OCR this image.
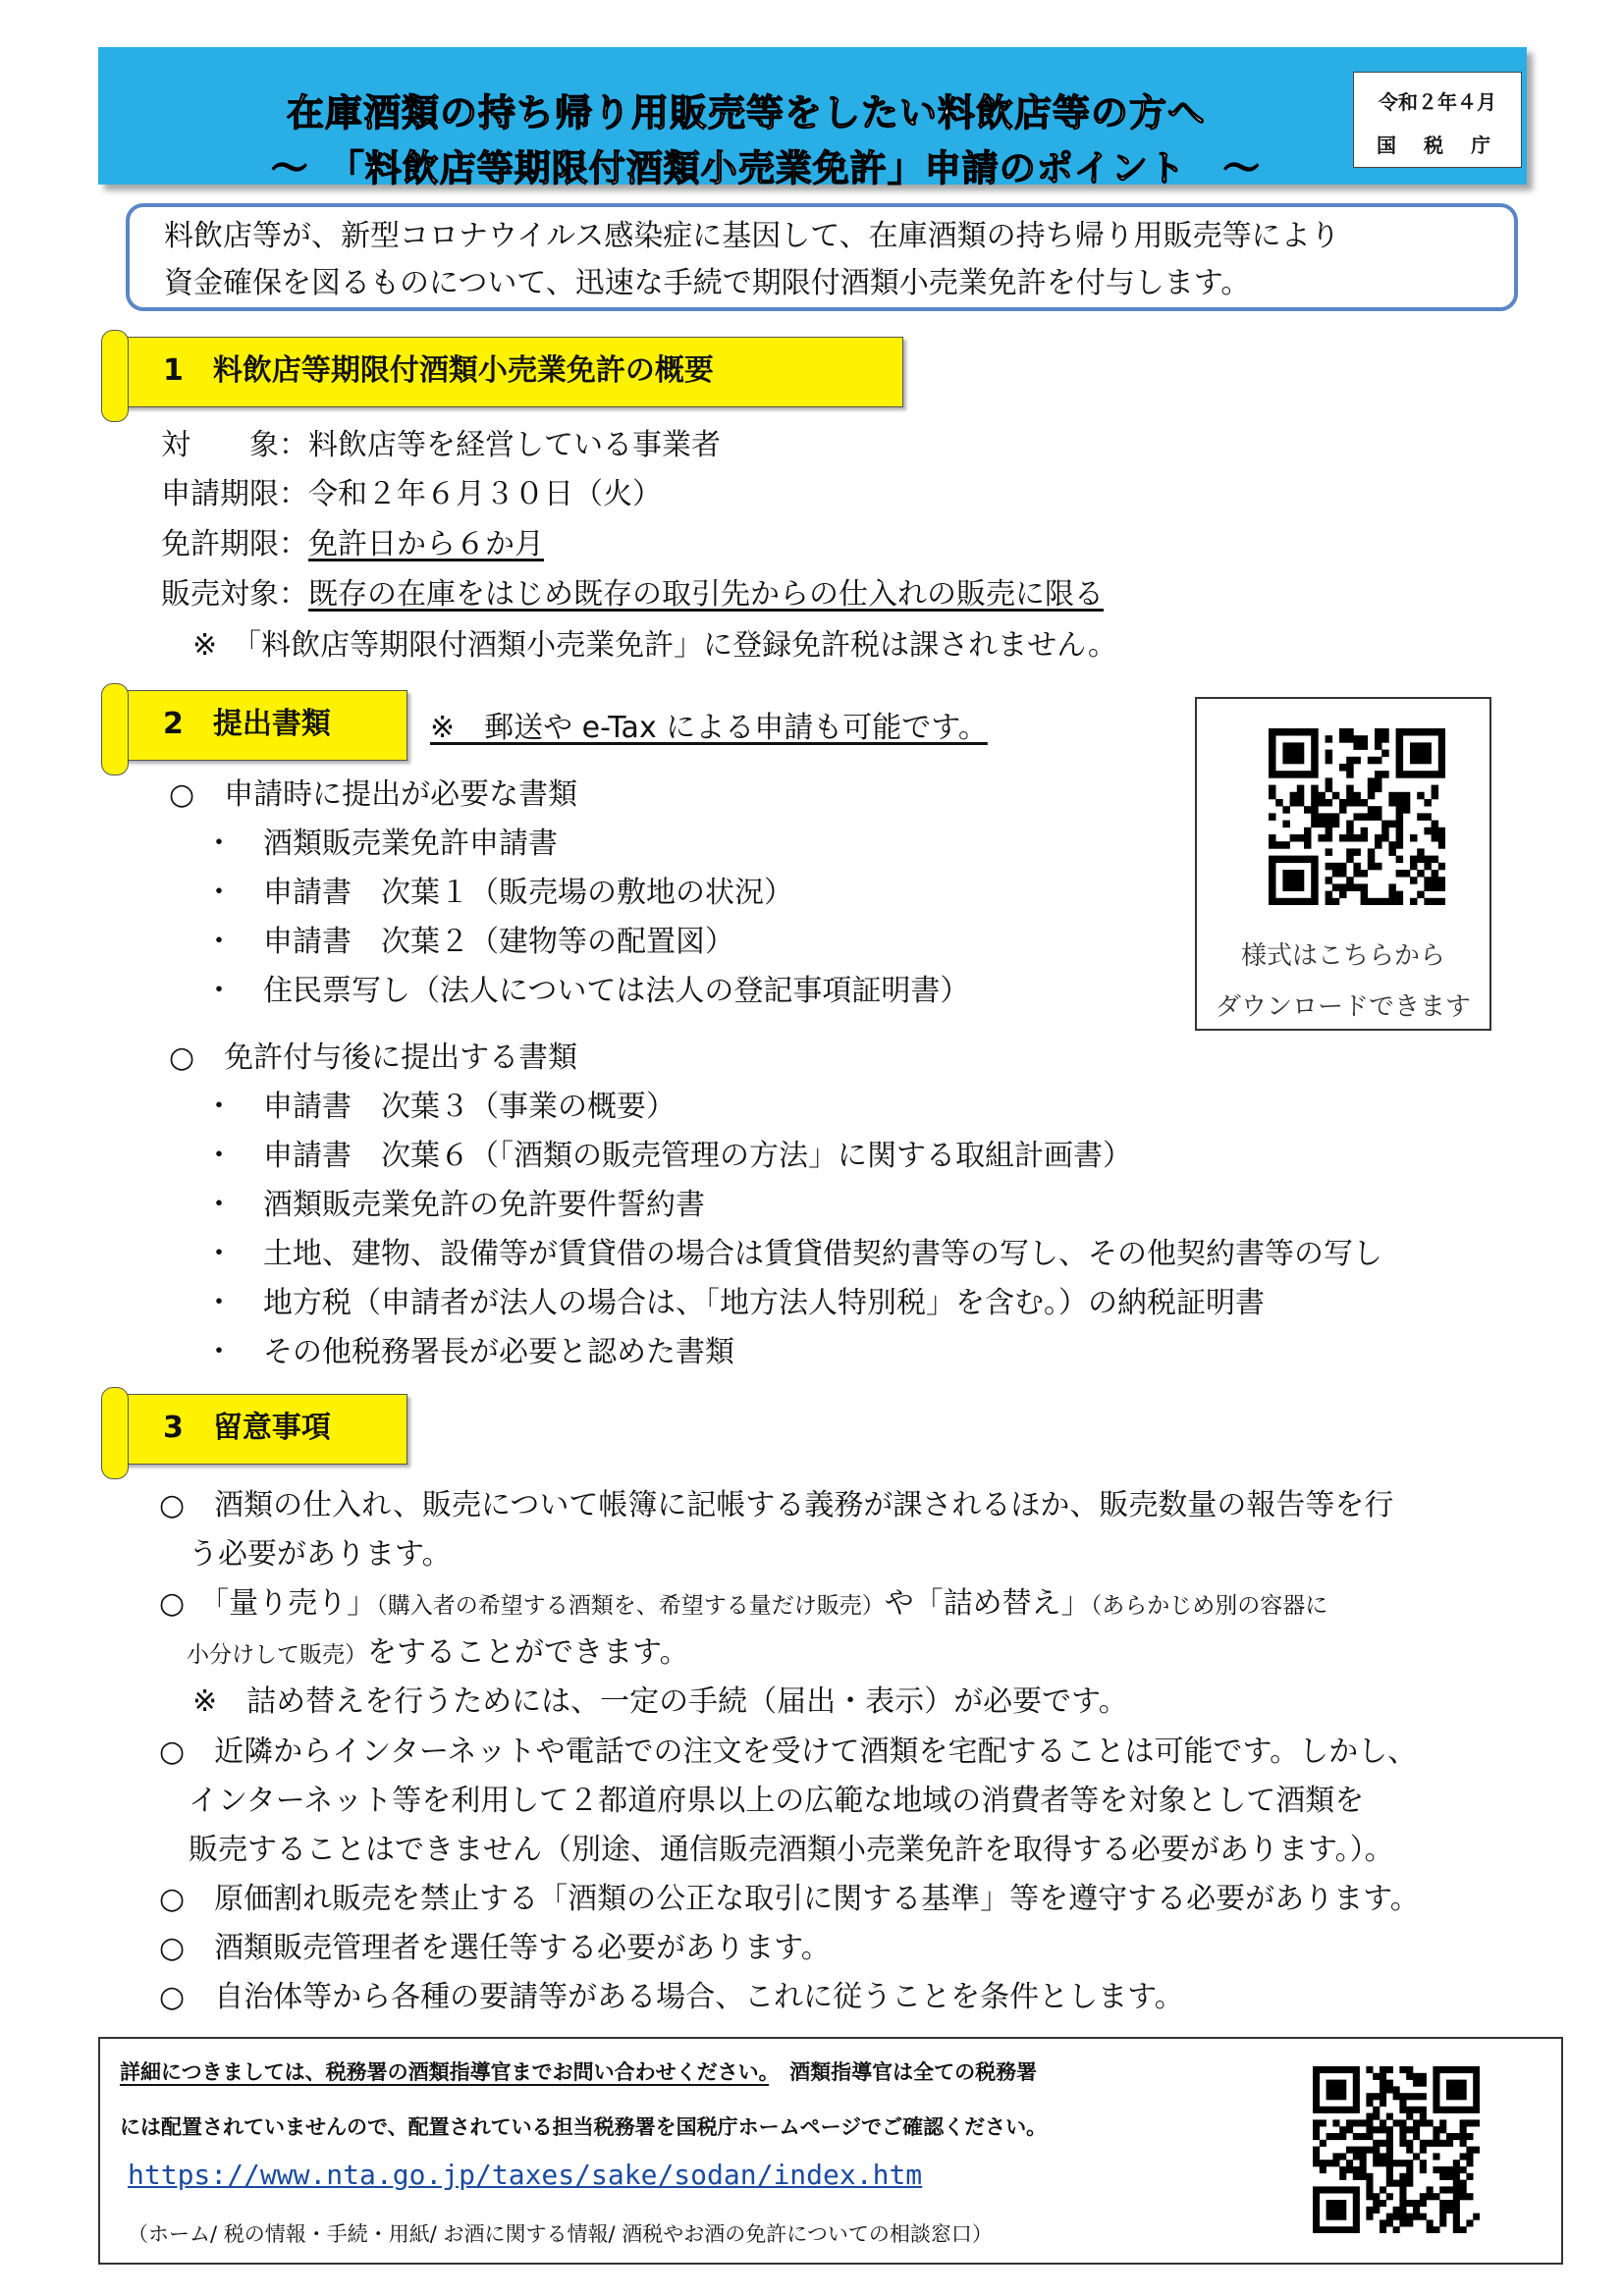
在庫酒類の持ち帰り用販売等をしたい料飲店等の方へ
～　「料飲店等期限付酒類小売業免許」申請のポイント　～
令和２年４月
国税庁
料飲店等が、新型コロナウイルス感染症に基因して、在庫酒類の持ち帰り用販売等により
資金確保を図るものについて、迅速な手続で期限付酒類小売業免許を付与します。
1　料飲店等期限付酒類小売業免許の概要
対　　象：料飲店等を経営している事業者
申請期限：令和２年６月３０日（火）
免許期限：免許日から６か月
販売対象：既存の在庫をはじめ既存の取引先からの仕入れの販売に限る
※　「料飲店等期限付酒類小売業免許」に登録免許税は課されません。
2　提出書類	※　郵送や e-Tax による申請も可能です。
○　申請時に提出が必要な書類
・　酒類販売業免許申請書
・　申請書　次葉１（販売場の敷地の状況）
・　申請書　次葉２（建物等の配置図）
・　住民票写し（法人については法人の登記事項証明書）
○　免許付与後に提出する書類
・　申請書　次葉３（事業の概要）
・　申請書　次葉６（「酒類の販売管理の方法」に関する取組計画書）
・　酒類販売業免許の免許要件誓約書
・　土地、建物、設備等が賃貸借の場合は賃貸借契約書等の写し、その他契約書等の写し
・　地方税（申請者が法人の場合は、「地方法人特別税」を含む。）の納税証明書
・　その他税務署長が必要と認めた書類
様式はこちらから
ダウンロードできます
3　留意事項
○　酒類の仕入れ、販売について帳簿に記帳する義務が課されるほか、販売数量の報告等を行
　う必要があります。
○　「量り売り」（購入者の希望する酒類を、希望する量だけ販売）や「詰め替え」（あらかじめ別の容器に
小分けして販売）をすることができます。
※　詰め替えを行うためには、一定の手続（届出・表示）が必要です。
○　近隣からインターネットや電話での注文を受けて酒類を宅配することは可能です。しかし、
　インターネット等を利用して２都道府県以上の広範な地域の消費者等を対象として酒類を
　販売することはできません（別途、通信販売酒類小売業免許を取得する必要があります。）。
○　原価割れ販売を禁止する「酒類の公正な取引に関する基準」等を遵守する必要があります。
○　酒類販売管理者を選任等する必要があります。
○　自治体等から各種の要請等がある場合、これに従うことを条件とします。
詳細につきましては、税務署の酒類指導官までお問い合わせください。　酒類指導官は全ての税務署
には配置されていませんので、配置されている担当税務署を国税庁ホームページでご確認ください。
https://www.nta.go.jp/taxes/sake/sodan/index.htm
（ホーム/ 税の情報・手続・用紙/ お酒に関する情報/ 酒税やお酒の免許についての相談窓口）
